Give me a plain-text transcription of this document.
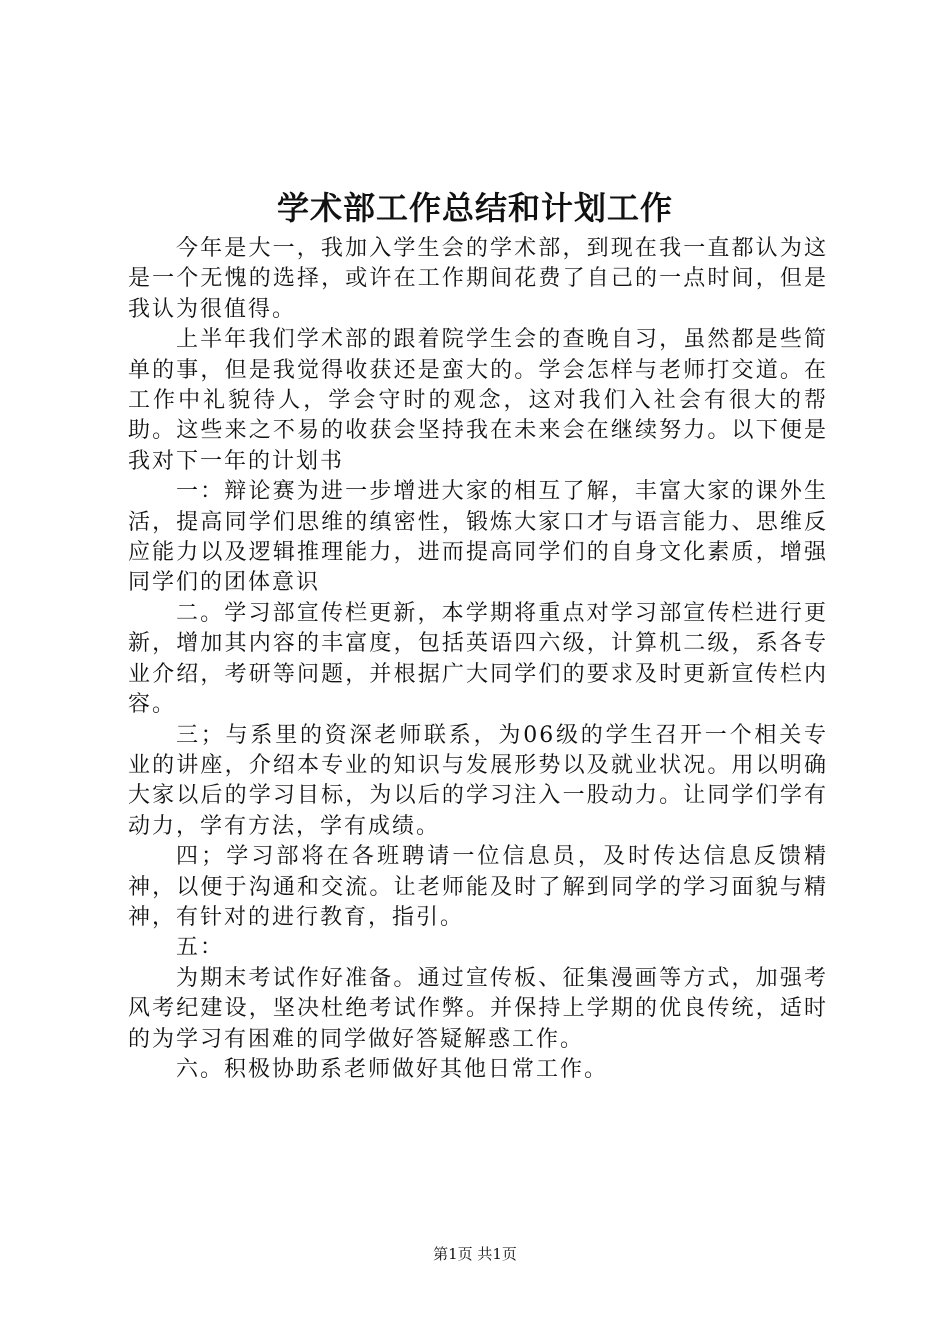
学术部工作总结和计划工作

今年是大一，我加入学生会的学术部，到现在我一直都认为这是一个无愧的选择，或许在工作期间花费了自己的一点时间，但是我认为很值得。

上半年我们学术部的跟着院学生会的查晚自习，虽然都是些简单的事，但是我觉得收获还是蛮大的。学会怎样与老师打交道。在工作中礼貌待人，学会守时的观念，这对我们入社会有很大的帮助。这些来之不易的收获会坚持我在未来会在继续努力。以下便是我对下一年的计划书

一：辩论赛为进一步增进大家的相互了解，丰富大家的课外生活，提高同学们思维的缜密性，锻炼大家口才与语言能力、思维反应能力以及逻辑推理能力，进而提高同学们的自身文化素质，增强同学们的团体意识

二。学习部宣传栏更新，本学期将重点对学习部宣传栏进行更新，增加其内容的丰富度，包括英语四六级，计算机二级，系各专业介绍，考研等问题，并根据广大同学们的要求及时更新宣传栏内容。

三；与系里的资深老师联系，为06级的学生召开一个相关专业的讲座，介绍本专业的知识与发展形势以及就业状况。用以明确大家以后的学习目标，为以后的学习注入一股动力。让同学们学有动力，学有方法，学有成绩。

四；学习部将在各班聘请一位信息员，及时传达信息反馈精神，以便于沟通和交流。让老师能及时了解到同学的学习面貌与精神，有针对的进行教育，指引。

五：

为期末考试作好准备。通过宣传板、征集漫画等方式，加强考风考纪建设，坚决杜绝考试作弊。并保持上学期的优良传统，适时的为学习有困难的同学做好答疑解惑工作。

六。积极协助系老师做好其他日常工作。

第1页 共1页
